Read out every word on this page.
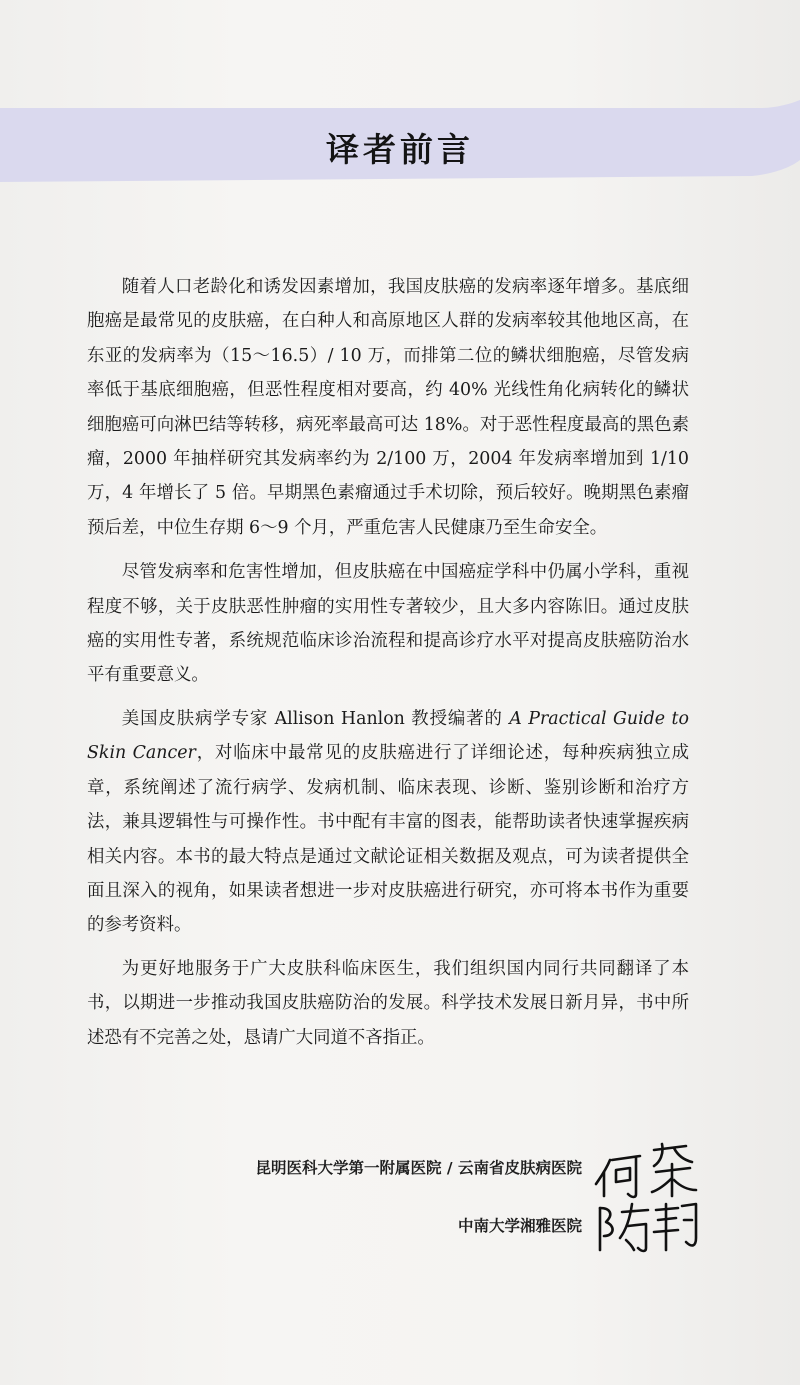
译者前言

随着人口老龄化和诱发因素增加，我国皮肤癌的发病率逐年增多。基底细胞癌是最常见的皮肤癌，在白种人和高原地区人群的发病率较其他地区高，在东亚的发病率为（15～16.5）/ 10 万，而排第二位的鳞状细胞癌，尽管发病率低于基底细胞癌，但恶性程度相对要高，约 40% 光线性角化病转化的鳞状细胞癌可向淋巴结等转移，病死率最高可达 18%。对于恶性程度最高的黑色素瘤，2000 年抽样研究其发病率约为 2/100 万，2004 年发病率增加到 1/10 万，4 年增长了 5 倍。早期黑色素瘤通过手术切除，预后较好。晚期黑色素瘤预后差，中位生存期 6～9 个月，严重危害人民健康乃至生命安全。

尽管发病率和危害性增加，但皮肤癌在中国癌症学科中仍属小学科，重视程度不够，关于皮肤恶性肿瘤的实用性专著较少，且大多内容陈旧。通过皮肤癌的实用性专著，系统规范临床诊治流程和提高诊疗水平对提高皮肤癌防治水平有重要意义。

美国皮肤病学专家 Allison Hanlon 教授编著的 A Practical Guide to Skin Cancer，对临床中最常见的皮肤癌进行了详细论述，每种疾病独立成章，系统阐述了流行病学、发病机制、临床表现、诊断、鉴别诊断和治疗方法，兼具逻辑性与可操作性。书中配有丰富的图表，能帮助读者快速掌握疾病相关内容。本书的最大特点是通过文献论证相关数据及观点，可为读者提供全面且深入的视角，如果读者想进一步对皮肤癌进行研究，亦可将本书作为重要的参考资料。

为更好地服务于广大皮肤科临床医生，我们组织国内同行共同翻译了本书，以期进一步推动我国皮肤癌防治的发展。科学技术发展日新月异，书中所述恐有不完善之处，恳请广大同道不吝指正。

昆明医科大学第一附属医院 / 云南省皮肤病医院
中南大学湘雅医院
